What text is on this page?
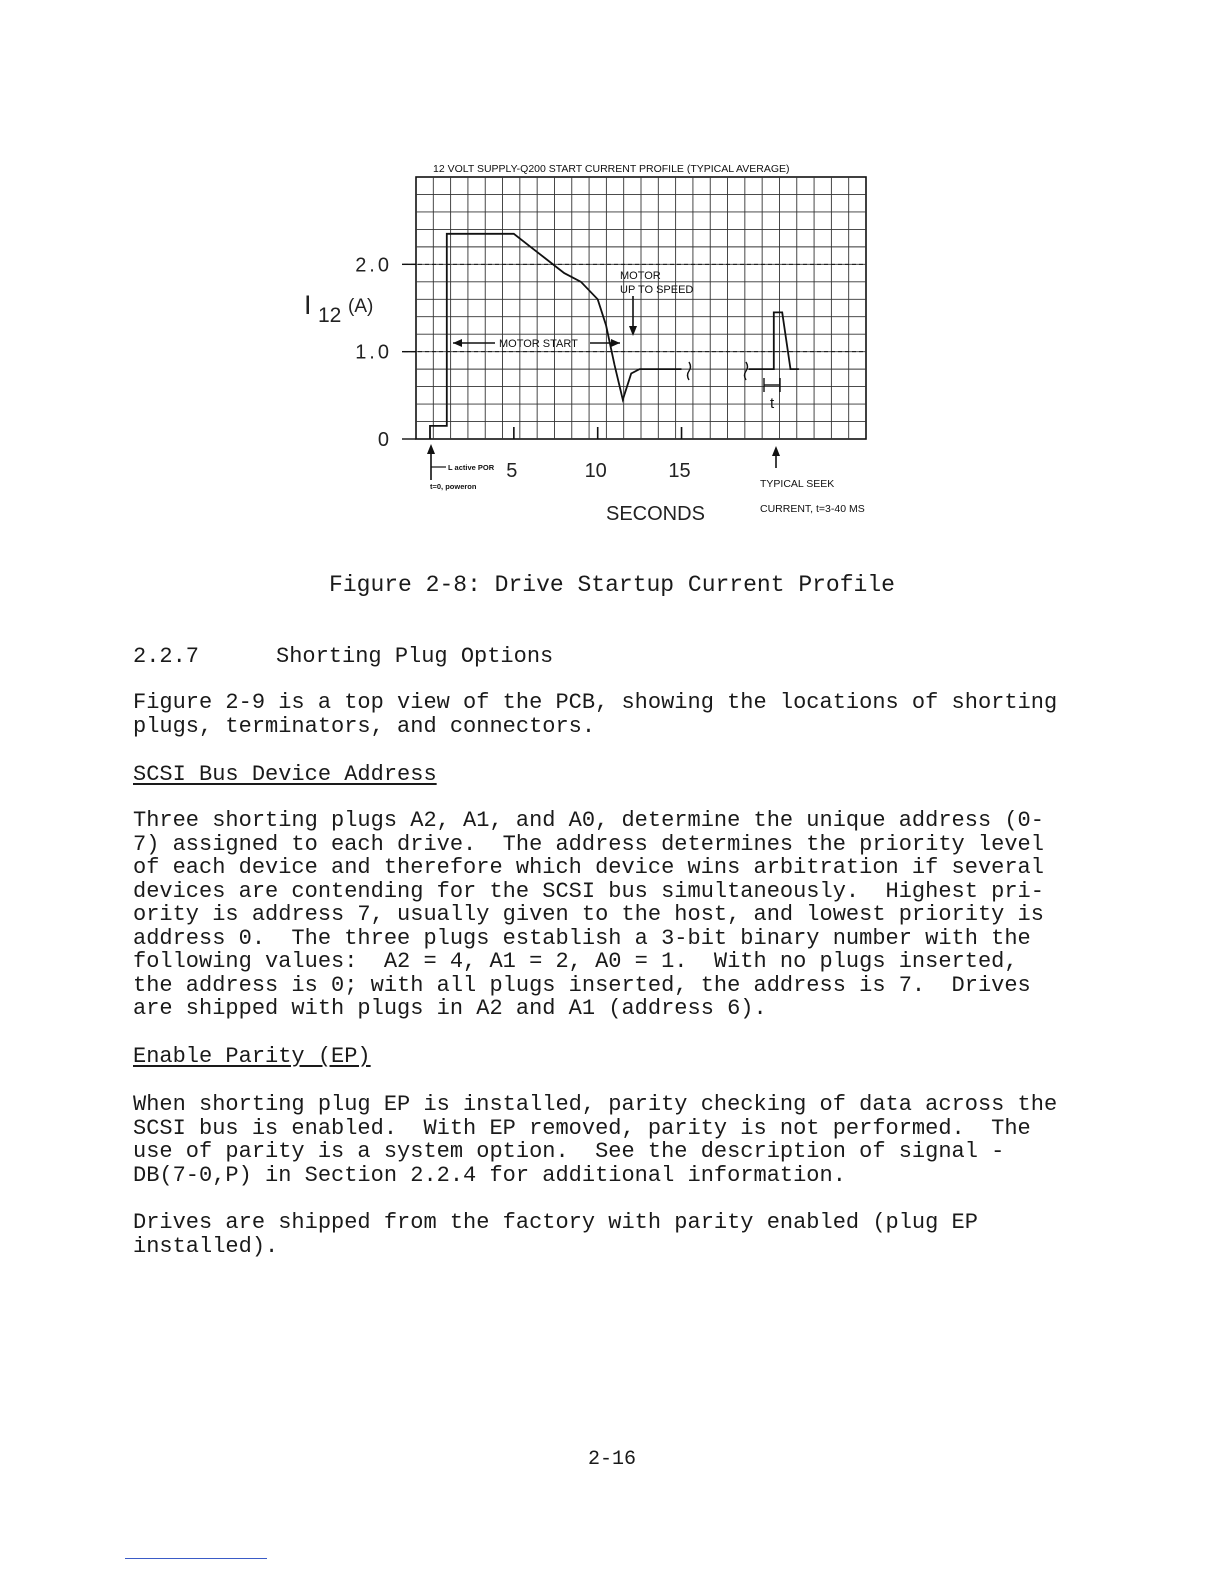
12 VOLT SUPPLY-Q200 START CURRENT PROFILE (TYPICAL AVERAGE)
0
1.0
2.0
5	10	15
I 12 (A)
MOTOR
UP TO SPEED
MOTOR START
t
L active POR
t=0, poweron	TYPICAL SEEK
CURRENT, t=3-40 MS
SECONDS
Figure 2-8: Drive Startup Current Profile
2.2.7	Shorting Plug Options

Figure 2-9 is a top view of the PCB, showing the locations of shorting
plugs, terminators, and connectors.

SCSI Bus Device Address

Three shorting plugs A2, A1, and A0, determine the unique address (0-
7) assigned to each drive.  The address determines the priority level
of each device and therefore which device wins arbitration if several
devices are contending for the SCSI bus simultaneously.  Highest pri-
ority is address 7, usually given to the host, and lowest priority is
address 0.  The three plugs establish a 3-bit binary number with the
following values:  A2 = 4, A1 = 2, A0 = 1.  With no plugs inserted,
the address is 0; with all plugs inserted, the address is 7.  Drives
are shipped with plugs in A2 and A1 (address 6).

Enable Parity (EP)

When shorting plug EP is installed, parity checking of data across the
SCSI bus is enabled.  With EP removed, parity is not performed.  The
use of parity is a system option.  See the description of signal -
DB(7-0,P) in Section 2.2.4 for additional information.

Drives are shipped from the factory with parity enabled (plug EP
installed).

2-16
